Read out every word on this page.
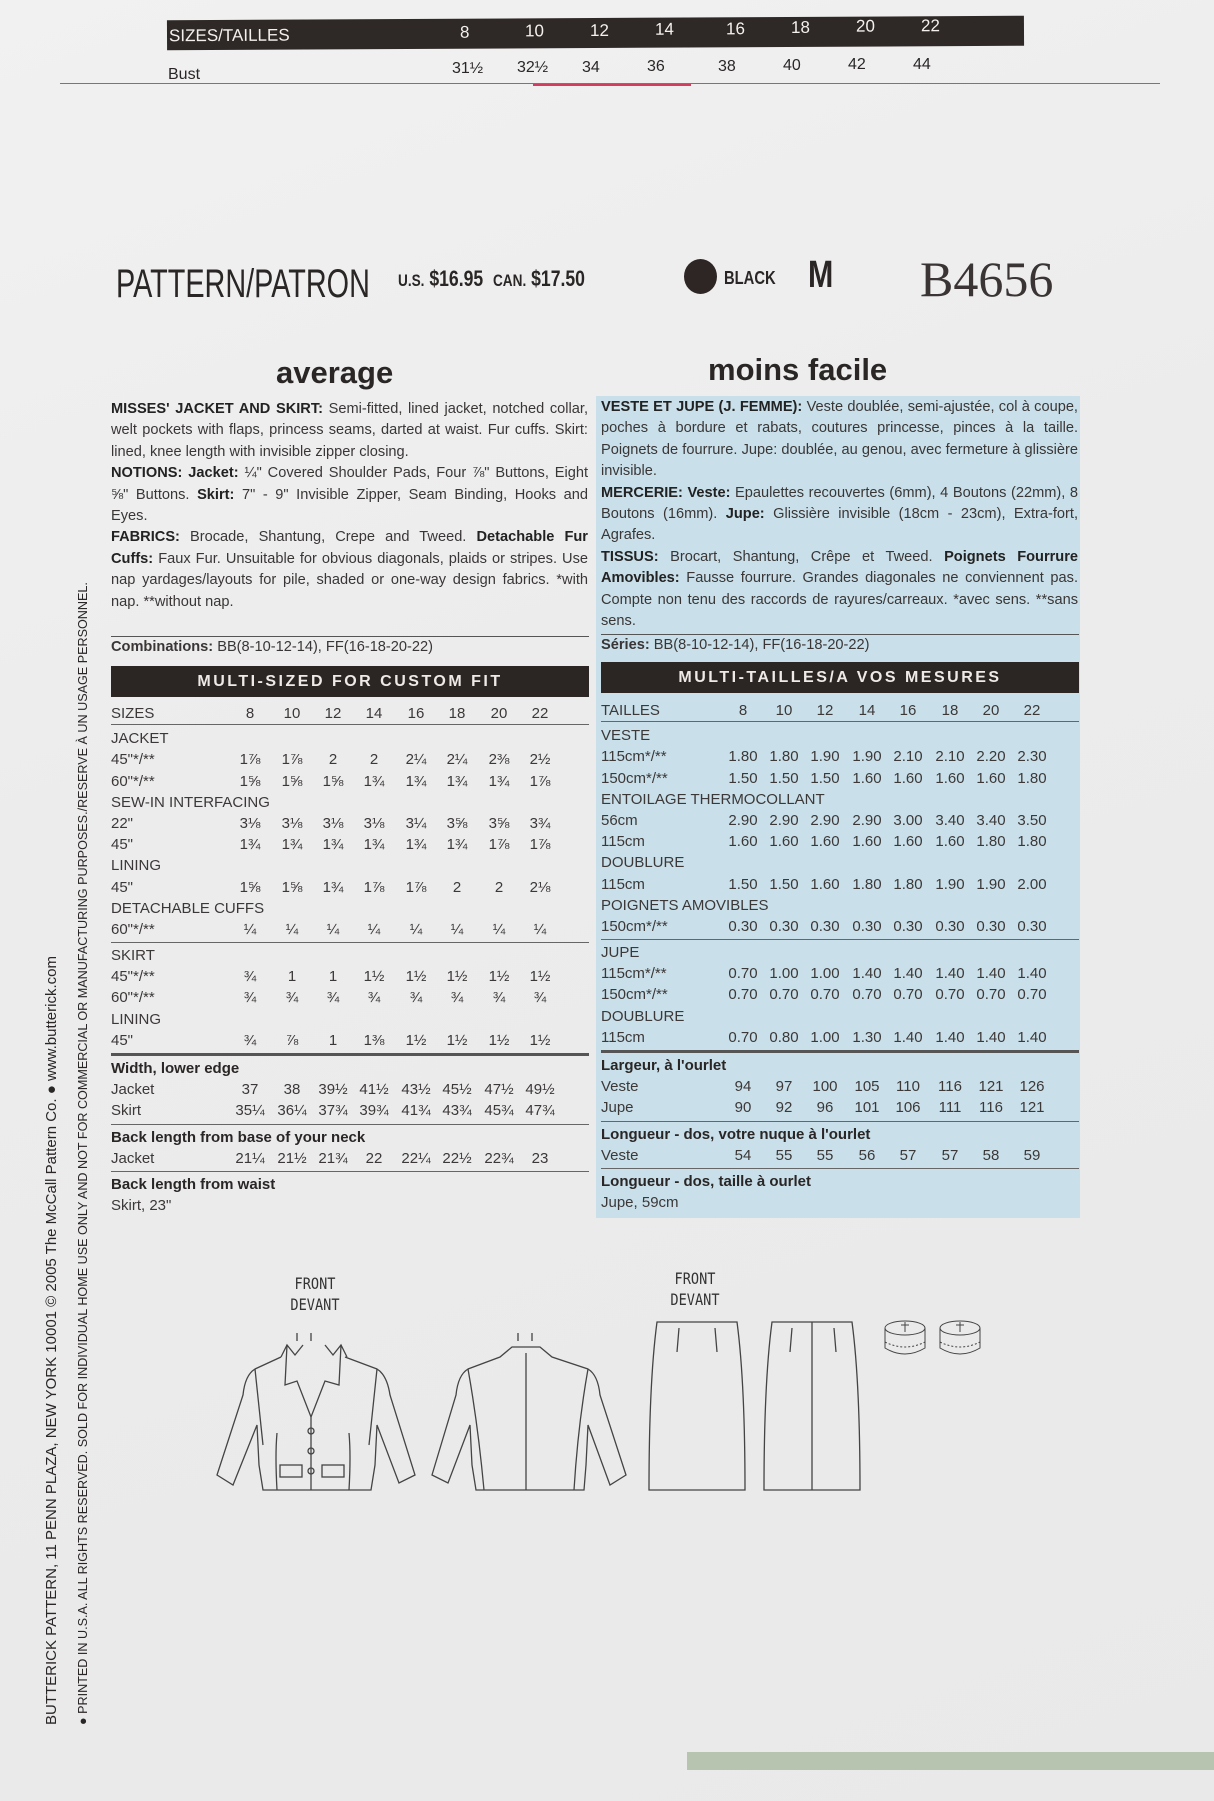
SIZES/TAILLES	8	10	12	14	16	18	20	22
Bust	31½ 32½ 34	36	38	40	42	44
PATTERN/PATRON	U.S. $16.95 CAN. $17.50	BLACK M B4656
average	moins facile
MISSES' JACKET AND SKIRT: Semi-fitted, lined jacket, notched collar, welt pockets with flaps, princess seams, darted at waist. Fur cuffs. Skirt: lined, knee length with invisible zipper closing.
NOTIONS: Jacket: ¼" Covered Shoulder Pads, Four ⅞" Buttons, Eight ⅝" Buttons. Skirt: 7" - 9" Invisible Zipper, Seam Binding, Hooks and Eyes.
FABRICS: Brocade, Shantung, Crepe and Tweed. Detachable Fur Cuffs: Faux Fur. Unsuitable for obvious diagonals, plaids or stripes. Use nap yardages/layouts for pile, shaded or one-way design fabrics. *with nap. **without nap.
Combinations: BB(8-10-12-14), FF(16-18-20-22)
MULTI-SIZED FOR CUSTOM FIT
VESTE ET JUPE (J. FEMME): Veste doublée, semi-ajustée, col à coupe, poches à bordure et rabats, coutures princesse, pinces à la taille. Poignets de fourrure. Jupe: doublée, au genou, avec fermeture à glissière invisible.
MERCERIE: Veste: Epaulettes recouvertes (6mm), 4 Boutons (22mm), 8 Boutons (16mm). Jupe: Glissière invisible (18cm - 23cm), Extra-fort, Agrafes.
TISSUS: Brocart, Shantung, Crêpe et Tweed. Poignets Fourrure Amovibles: Fausse fourrure. Grandes diagonales ne conviennent pas. Compte non tenu des raccords de rayures/carreaux. *avec sens. **sans sens.
Séries: BB(8-10-12-14), FF(16-18-20-22)
MULTI-TAILLES/A VOS MESURES
SIZES	8 10 12 14 16 18 20 22
JACKET
45"*/**	1⅞ 1⅞ 2 2 2¼ 2¼ 2⅜ 2½
60"*/**	1⅝ 1⅝ 1⅝ 1¾ 1¾ 1¾ 1¾ 1⅞
SEW-IN INTERFACING
22"	3⅛ 3⅛ 3⅛ 3⅛ 3¼ 3⅝ 3⅝ 3¾
45"	1¾ 1¾ 1¾ 1¾ 1¾ 1¾ 1⅞ 1⅞
LINING
45"	1⅝ 1⅝ 1¾ 1⅞ 1⅞ 2 2 2⅛
DETACHABLE CUFFS
60"*/**	¼ ¼ ¼ ¼ ¼ ¼ ¼ ¼
SKIRT
45"*/**	¾ 1 1 1½ 1½ 1½ 1½ 1½
60"*/**	¾ ¾ ¾ ¾ ¾ ¾ ¾ ¾
LINING
45"	¾ ⅞ 1 1⅜ 1½ 1½ 1½ 1½
Width, lower edge
Jacket	37 38 39½ 41½ 43½ 45½ 47½ 49½
Skirt	35¼ 36¼ 37¾ 39¾ 41¾ 43¾ 45¾ 47¾
Back length from base of your neck
Jacket	21¼ 21½ 21¾ 22 22¼ 22½ 22¾ 23
Back length from waist
Skirt, 23"
TAILLES	8 10 12 14 16 18 20 22
VESTE
115cm*/**	1.80 1.80 1.90 1.90 2.10 2.10 2.20 2.30
150cm*/**	1.50 1.50 1.50 1.60 1.60 1.60 1.60 1.80
ENTOILAGE THERMOCOLLANT
56cm	2.90 2.90 2.90 2.90 3.00 3.40 3.40 3.50
115cm	1.60 1.60 1.60 1.60 1.60 1.60 1.80 1.80
DOUBLURE
115cm	1.50 1.50 1.60 1.80 1.80 1.90 1.90 2.00
POIGNETS AMOVIBLES
150cm*/**	0.30 0.30 0.30 0.30 0.30 0.30 0.30 0.30
JUPE
115cm*/**	0.70 1.00 1.00 1.40 1.40 1.40 1.40 1.40
150cm*/**	0.70 0.70 0.70 0.70 0.70 0.70 0.70 0.70
DOUBLURE
115cm	0.70 0.80 1.00 1.30 1.40 1.40 1.40 1.40
Largeur, à l'ourlet
Veste	94 97 100 105 110 116 121 126
Jupe	90 92 96 101 106 111 116 121
Longueur - dos, votre nuque à l'ourlet
Veste	54 55 55 56 57 57 58 59
Longueur - dos, taille à ourlet
Jupe, 59cm
FRONT
DEVANT
FRONT
DEVANT
BUTTERICK PATTERN, 11 PENN PLAZA, NEW YORK 10001 © 2005 The McCall Pattern Co. ● www.butterick.com ● PRINTED IN U.S.A. ALL RIGHTS RESERVED. SOLD FOR INDIVIDUAL HOME USE ONLY AND NOT FOR COMMERCIAL OR MANUFACTURING PURPOSES./RESERVE À UN USAGE PERSONNEL.
